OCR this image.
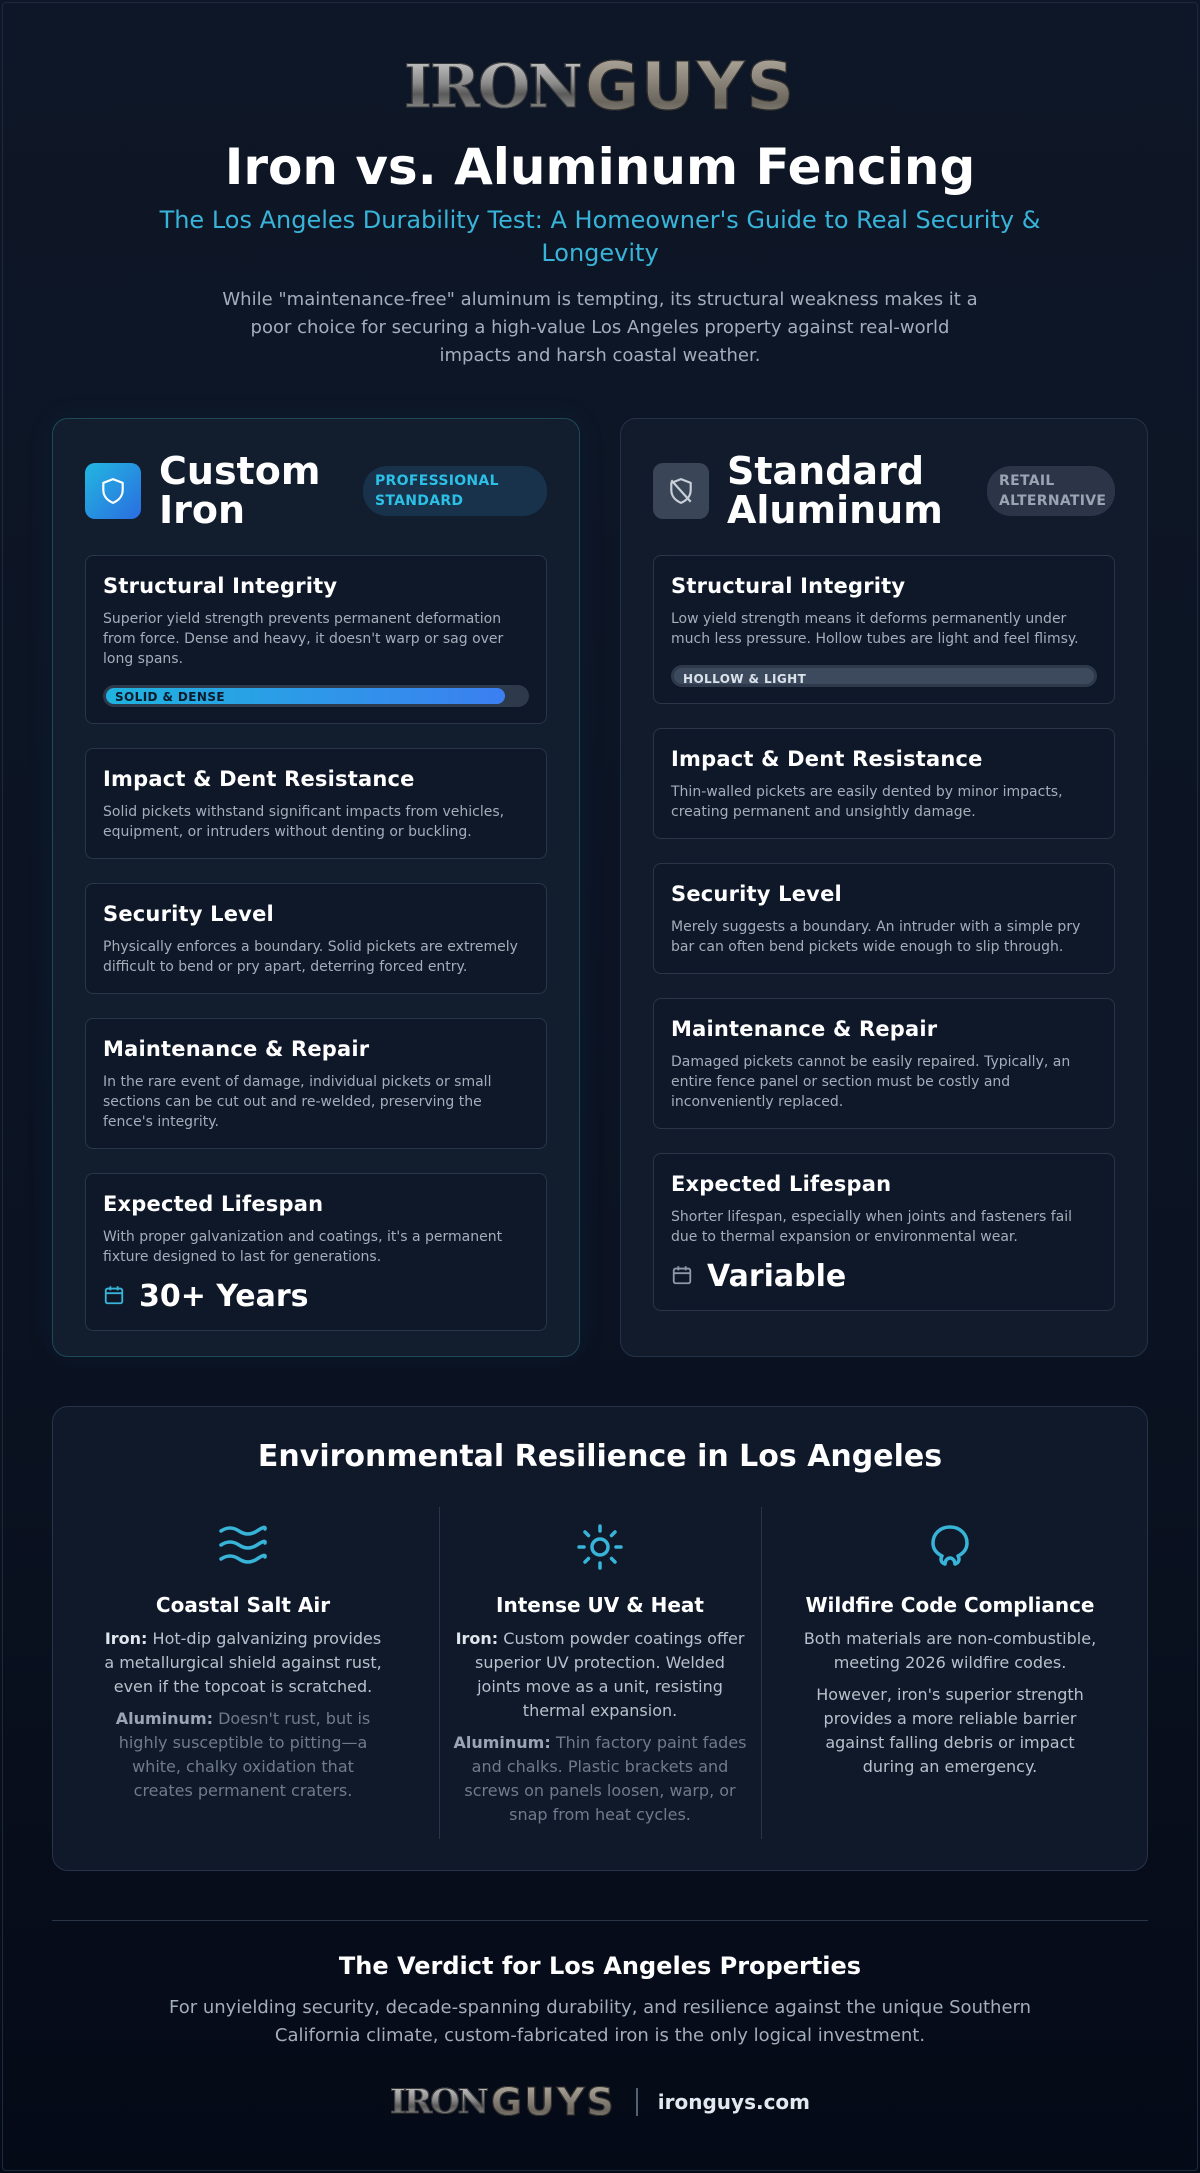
IRON GUYS
Iron vs. Aluminum Fencing
The Los Angeles Durability Test: A Homeowner's Guide to Real Security & Longevity
While "maintenance-free" aluminum is tempting, its structural weakness makes it a poor choice for securing a high-value Los Angeles property against real-world impacts and harsh coastal weather.
Custom Iron
PROFESSIONAL STANDARD
Structural Integrity

Superior yield strength prevents permanent deformation from force. Dense and heavy, it doesn't warp or sag over long spans.

SOLID & DENSE
Impact & Dent Resistance

Solid pickets withstand significant impacts from vehicles, equipment, or intruders without denting or buckling.

Security Level

Physically enforces a boundary. Solid pickets are extremely difficult to bend or pry apart, deterring forced entry.

Maintenance & Repair

In the rare event of damage, individual pickets or small sections can be cut out and re-welded, preserving the fence's integrity.

Expected Lifespan

With proper galvanization and coatings, it's a permanent fixture designed to last for generations.

30+ Years
Standard Aluminum
RETAIL ALTERNATIVE
Structural Integrity

Low yield strength means it deforms permanently under much less pressure. Hollow tubes are light and feel flimsy.

HOLLOW & LIGHT
Impact & Dent Resistance

Thin-walled pickets are easily dented by minor impacts, creating permanent and unsightly damage.

Security Level

Merely suggests a boundary. An intruder with a simple pry bar can often bend pickets wide enough to slip through.

Maintenance & Repair

Damaged pickets cannot be easily repaired. Typically, an entire fence panel or section must be costly and inconveniently replaced.

Expected Lifespan

Shorter lifespan, especially when joints and fasteners fail due to thermal expansion or environmental wear.

Variable
Environmental Resilience in Los Angeles
Coastal Salt Air

Iron: Hot-dip galvanizing provides a metallurgical shield against rust, even if the topcoat is scratched.

Aluminum: Doesn't rust, but is highly susceptible to pitting—a white, chalky oxidation that creates permanent craters.

Intense UV & Heat

Iron: Custom powder coatings offer superior UV protection. Welded joints move as a unit, resisting thermal expansion.

Aluminum: Thin factory paint fades and chalks. Plastic brackets and screws on panels loosen, warp, or snap from heat cycles.

Wildfire Code Compliance

Both materials are non-combustible, meeting 2026 wildfire codes.

However, iron's superior strength provides a more reliable barrier against falling debris or impact during an emergency.

The Verdict for Los Angeles Properties
For unyielding security, decade-spanning durability, and resilience against the unique Southern California climate, custom-fabricated iron is the only logical investment.
IRON GUYS ironguys.com
